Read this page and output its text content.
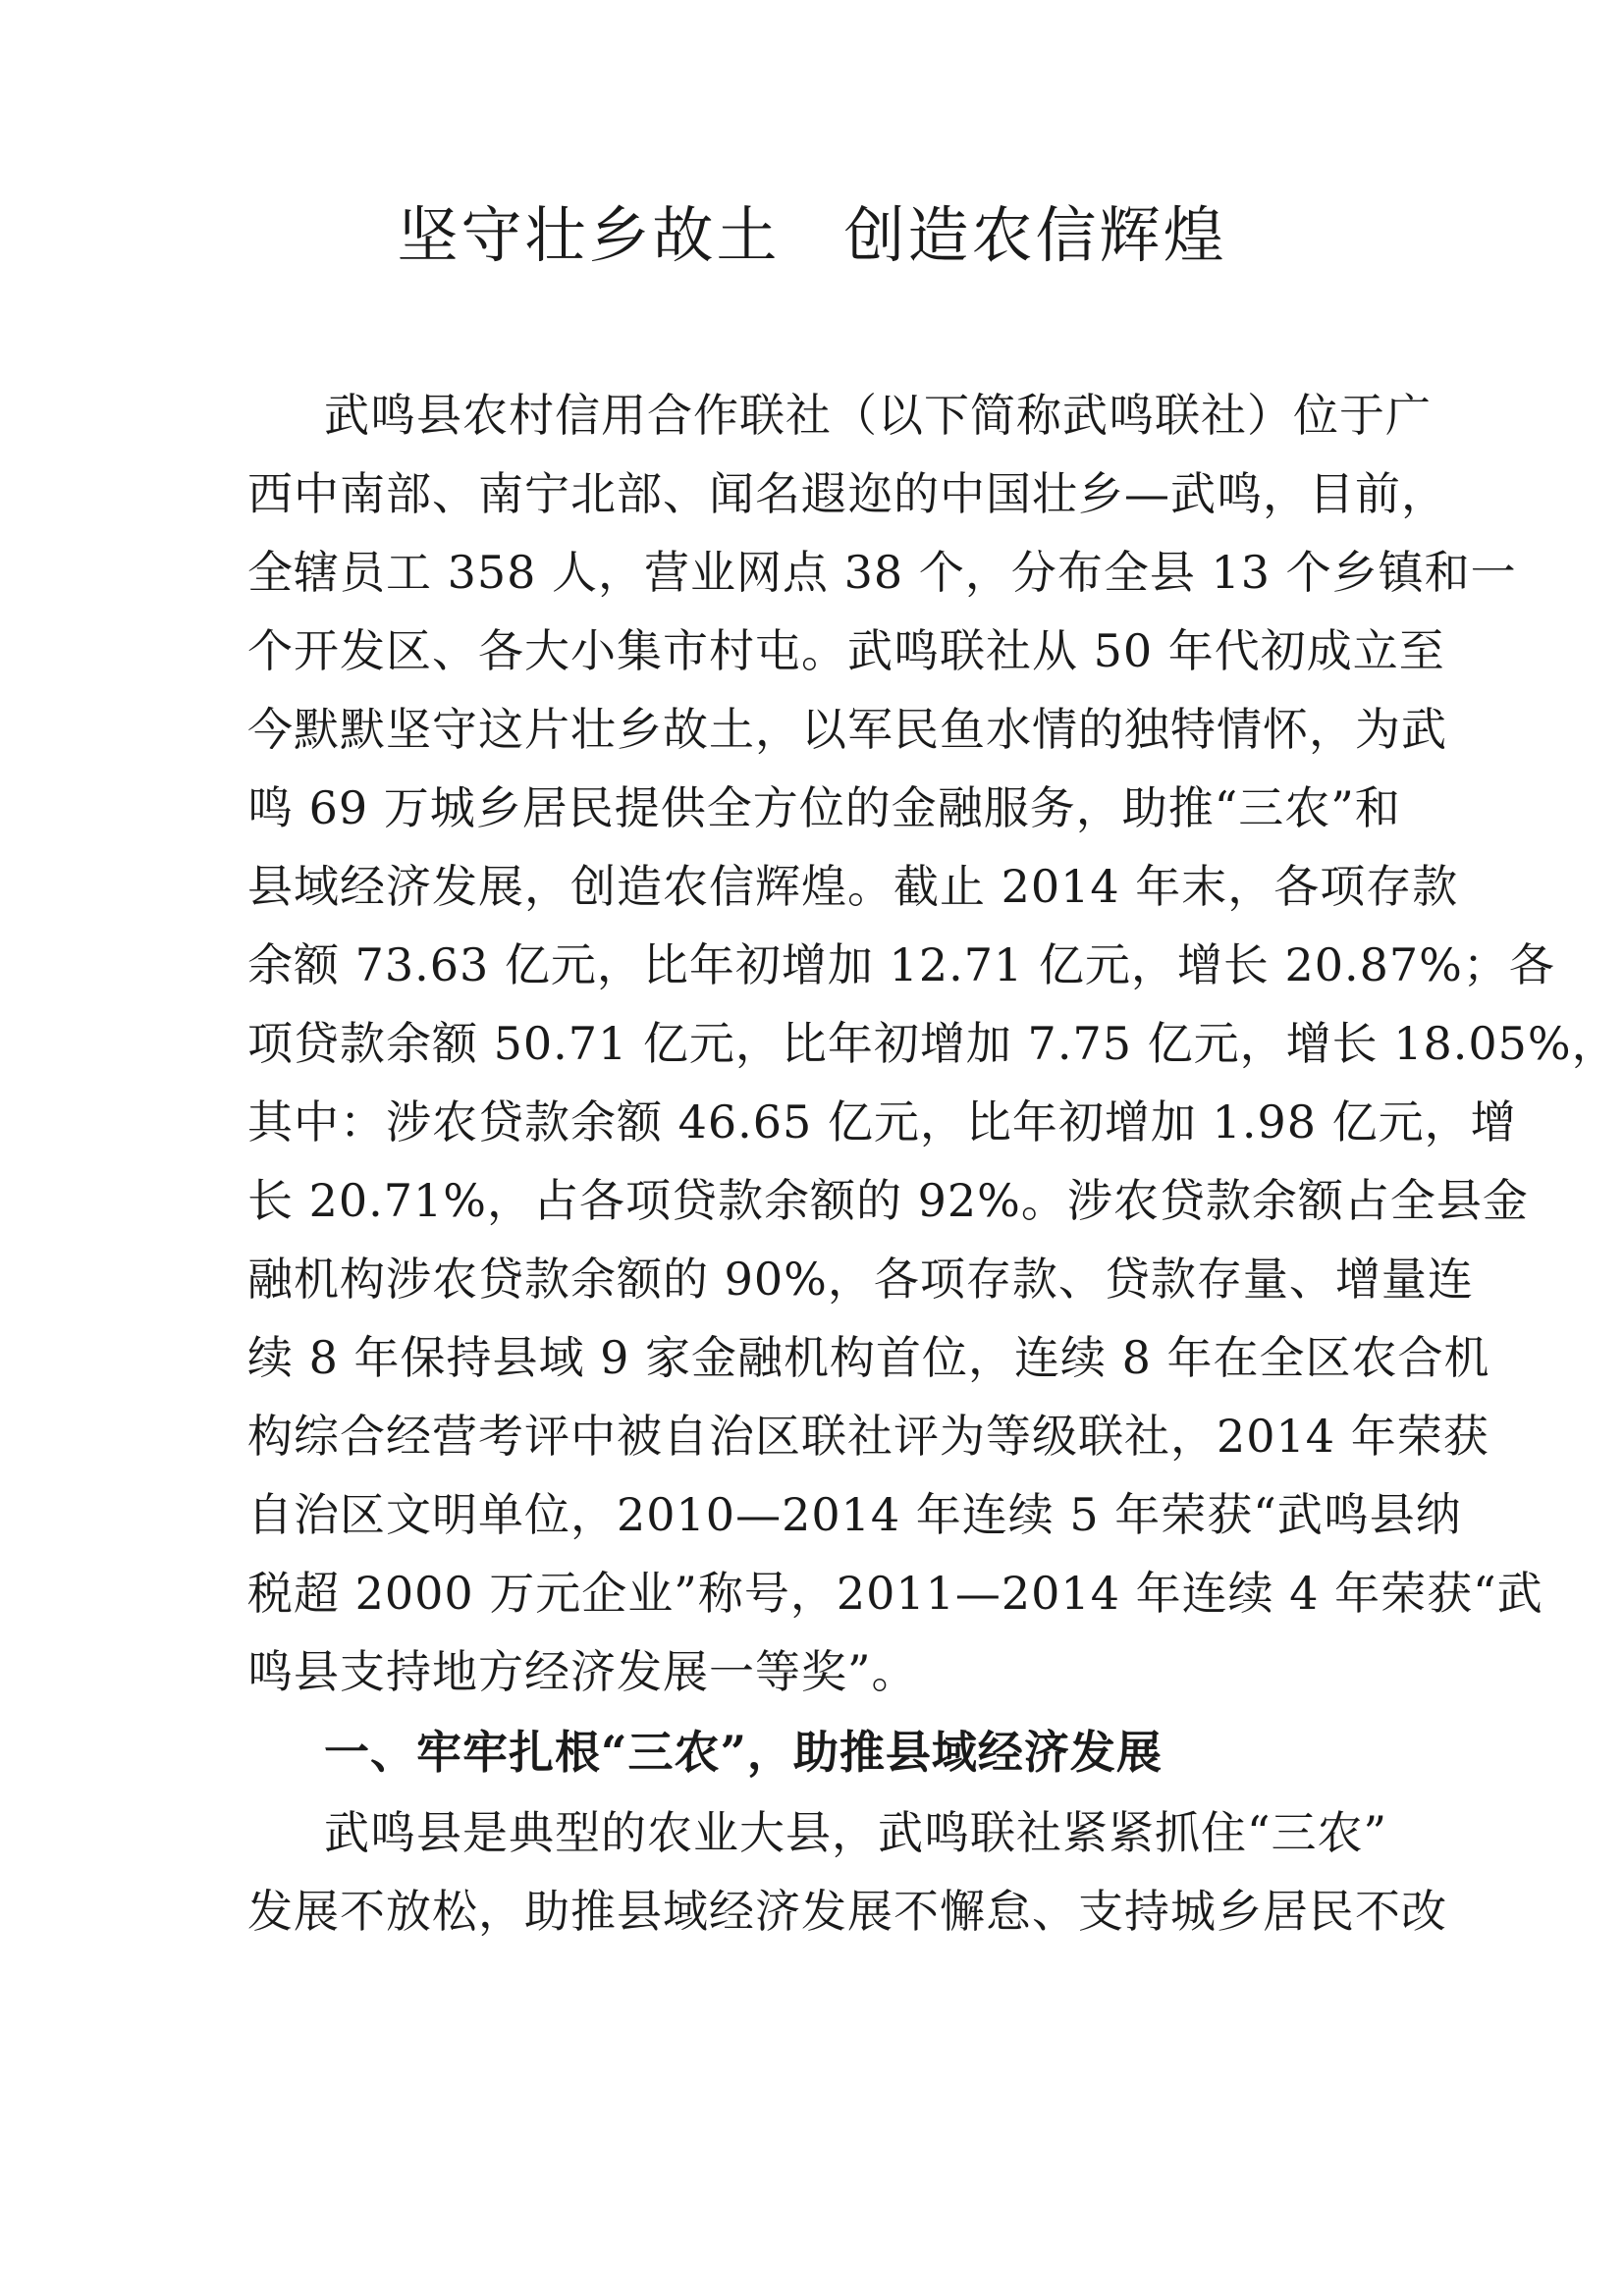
坚守壮乡故土　创造农信辉煌
武鸣县农村信用合作联社（以下简称武鸣联社）位于广
西中南部、南宁北部、闻名遐迩的中国壮乡—武鸣，目前，
全辖员工 358 人，营业网点 38 个，分布全县 13 个乡镇和一
个开发区、各大小集市村屯。武鸣联社从 50 年代初成立至
今默默坚守这片壮乡故土，以军民鱼水情的独特情怀，为武
鸣 69 万城乡居民提供全方位的金融服务，助推“三农”和
县域经济发展，创造农信辉煌。截止 2014 年末，各项存款
余额 73.63 亿元，比年初增加 12.71 亿元，增长 20.87%；各
项贷款余额 50.71 亿元，比年初增加 7.75 亿元，增长 18.05%，
其中：涉农贷款余额 46.65 亿元，比年初增加 1.98 亿元，增
长 20.71%，占各项贷款余额的 92%。涉农贷款余额占全县金
融机构涉农贷款余额的 90%，各项存款、贷款存量、增量连
续 8 年保持县域 9 家金融机构首位，连续 8 年在全区农合机
构综合经营考评中被自治区联社评为等级联社，2014 年荣获
自治区文明单位，2010—2014 年连续 5 年荣获“武鸣县纳
税超 2000 万元企业”称号，2011—2014 年连续 4 年荣获“武
鸣县支持地方经济发展一等奖”。
一、牢牢扎根“三农”，助推县域经济发展
武鸣县是典型的农业大县，武鸣联社紧紧抓住“三农”
发展不放松，助推县域经济发展不懈怠、支持城乡居民不改
